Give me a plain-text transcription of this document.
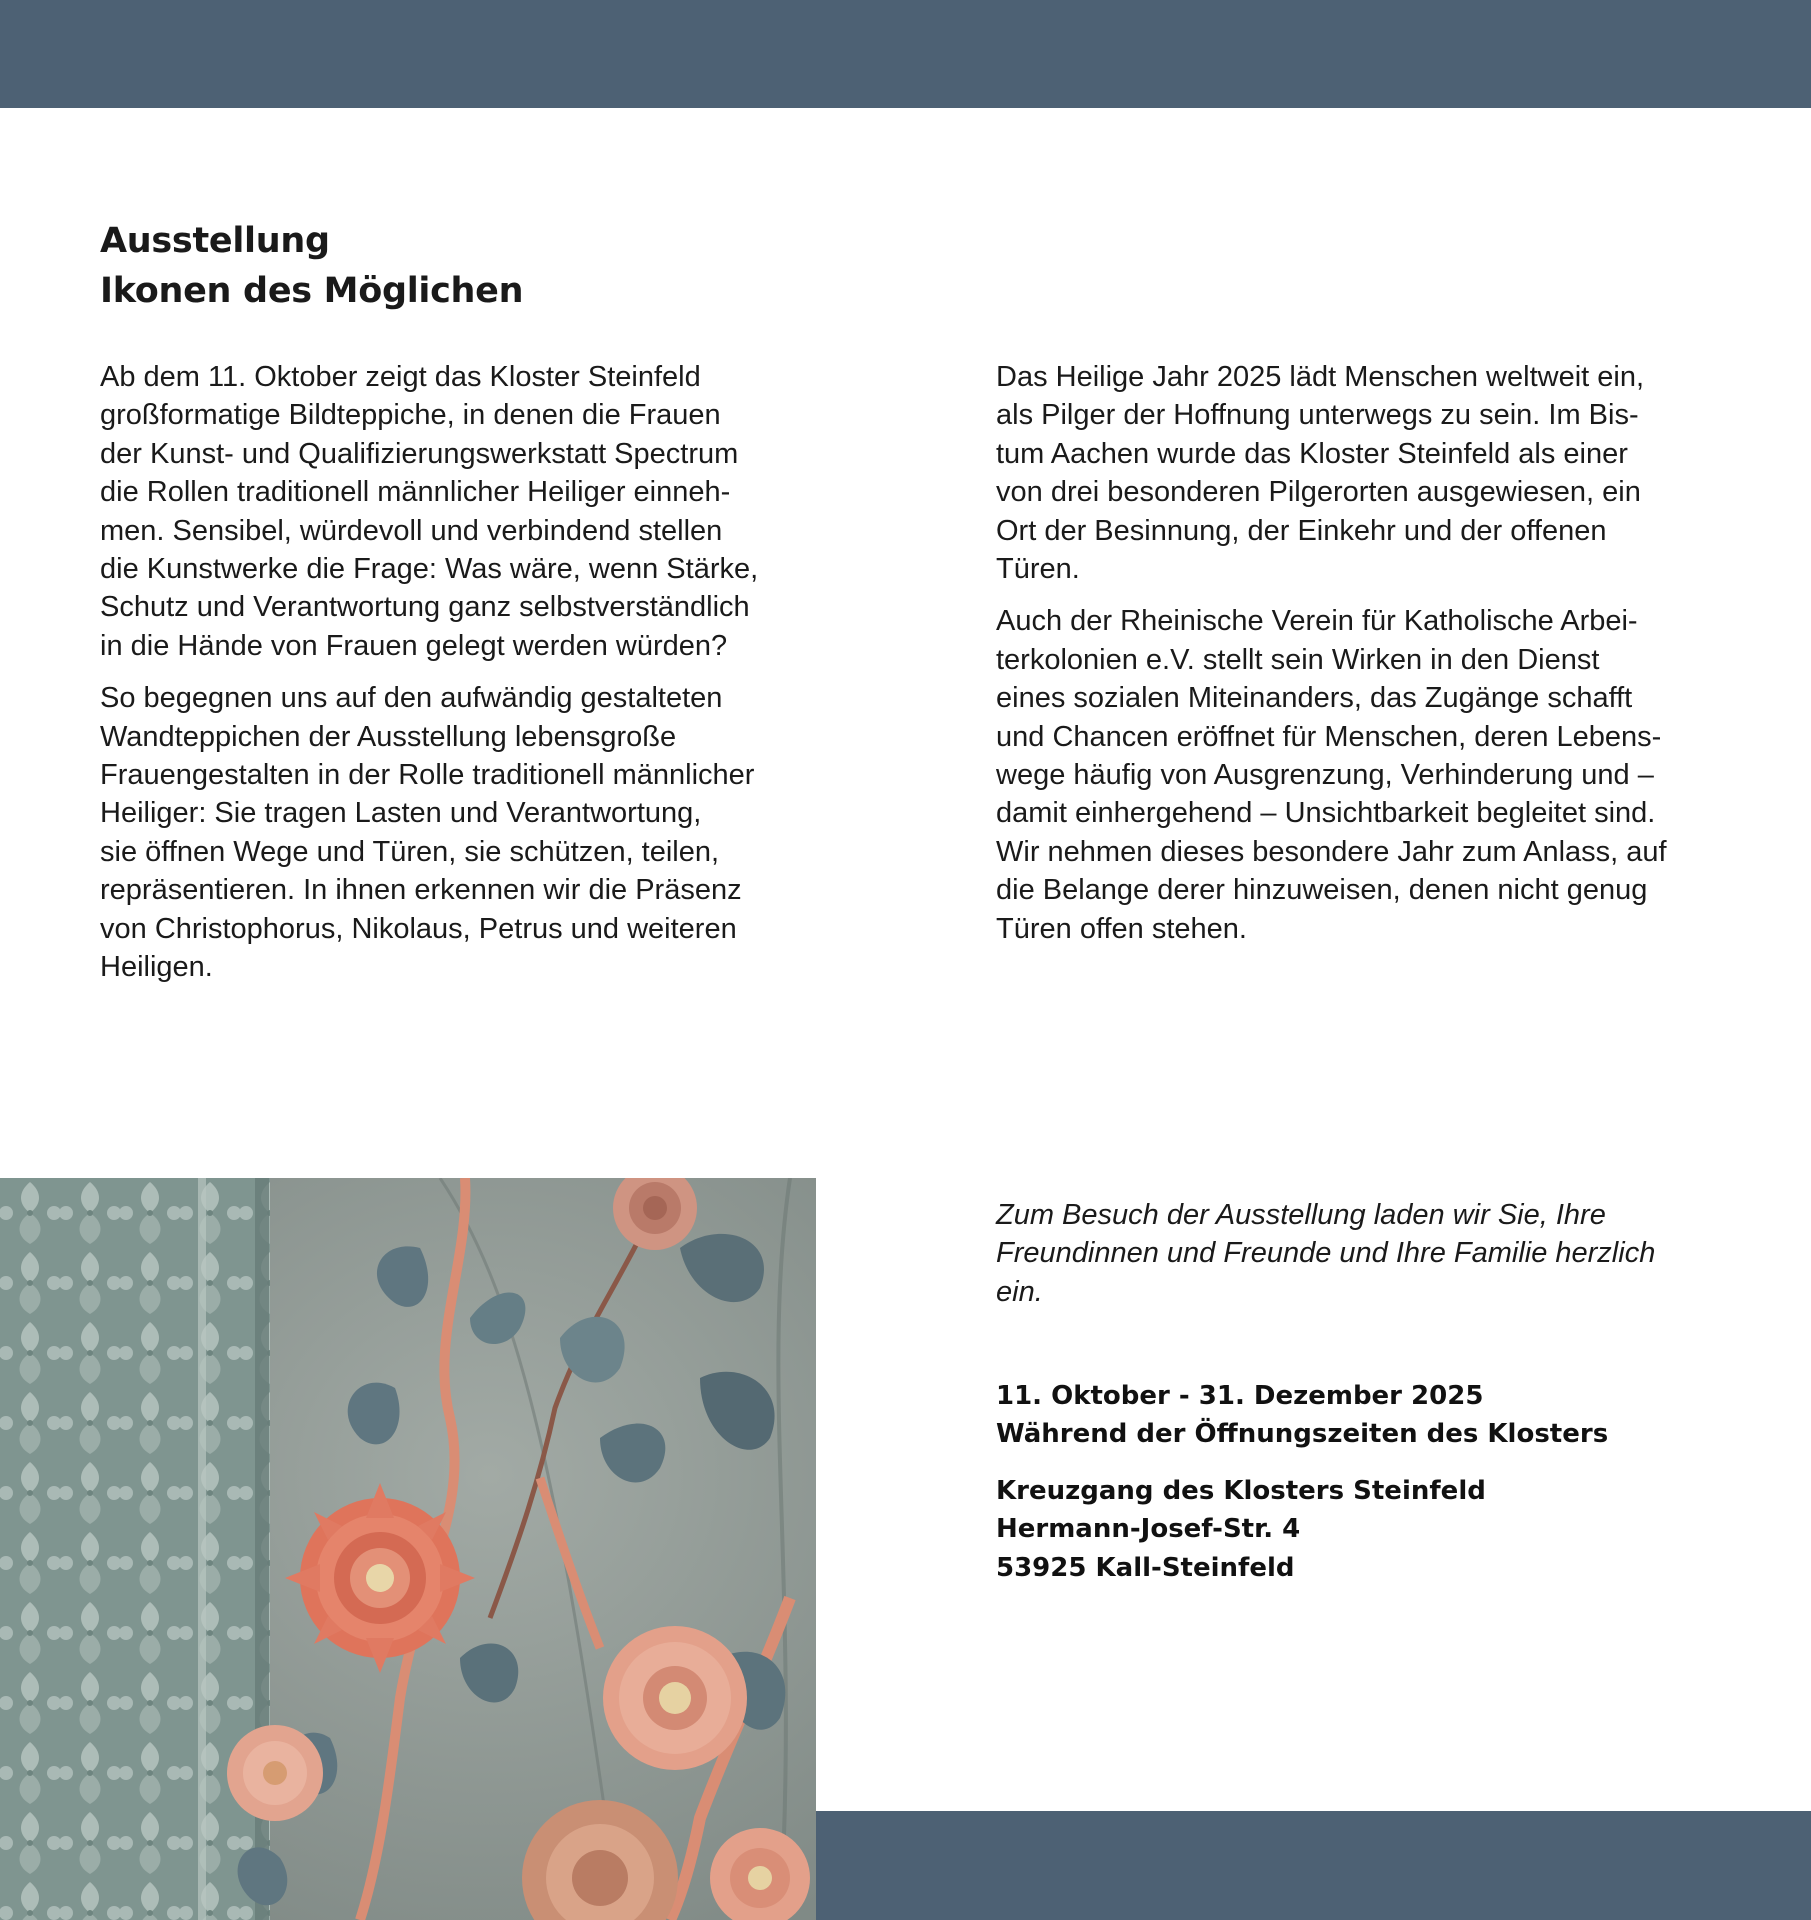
Ausstellung
Ikonen des Möglichen

Ab dem 11. Oktober zeigt das Kloster Steinfeld
großformatige Bildteppiche, in denen die Frauen
der Kunst- und Qualifizierungswerkstatt Spectrum
die Rollen traditionell männlicher Heiliger einneh-
men. Sensibel, würdevoll und verbindend stellen
die Kunstwerke die Frage: Was wäre, wenn Stärke,
Schutz und Verantwortung ganz selbstverständlich
in die Hände von Frauen gelegt werden würden?

So begegnen uns auf den aufwändig gestalteten
Wandteppichen der Ausstellung lebensgroße
Frauengestalten in der Rolle traditionell männlicher
Heiliger: Sie tragen Lasten und Verantwortung,
sie öffnen Wege und Türen, sie schützen, teilen,
repräsentieren. In ihnen erkennen wir die Präsenz
von Christophorus, Nikolaus, Petrus und weiteren
Heiligen.

Das Heilige Jahr 2025 lädt Menschen weltweit ein,
als Pilger der Hoffnung unterwegs zu sein. Im Bis-
tum Aachen wurde das Kloster Steinfeld als einer
von drei besonderen Pilgerorten ausgewiesen, ein
Ort der Besinnung, der Einkehr und der offenen
Türen.

Auch der Rheinische Verein für Katholische Arbei-
terkolonien e.V. stellt sein Wirken in den Dienst
eines sozialen Miteinanders, das Zugänge schafft
und Chancen eröffnet für Menschen, deren Lebens-
wege häufig von Ausgrenzung, Verhinderung und –
damit einhergehend – Unsichtbarkeit begleitet sind.
Wir nehmen dieses besondere Jahr zum Anlass, auf
die Belange derer hinzuweisen, denen nicht genug
Türen offen stehen.

Zum Besuch der Ausstellung laden wir Sie, Ihre
Freundinnen und Freunde und Ihre Familie herzlich
ein.

11. Oktober - 31. Dezember 2025
Während der Öffnungszeiten des Klosters

Kreuzgang des Klosters Steinfeld
Hermann-Josef-Str. 4
53925 Kall-Steinfeld
